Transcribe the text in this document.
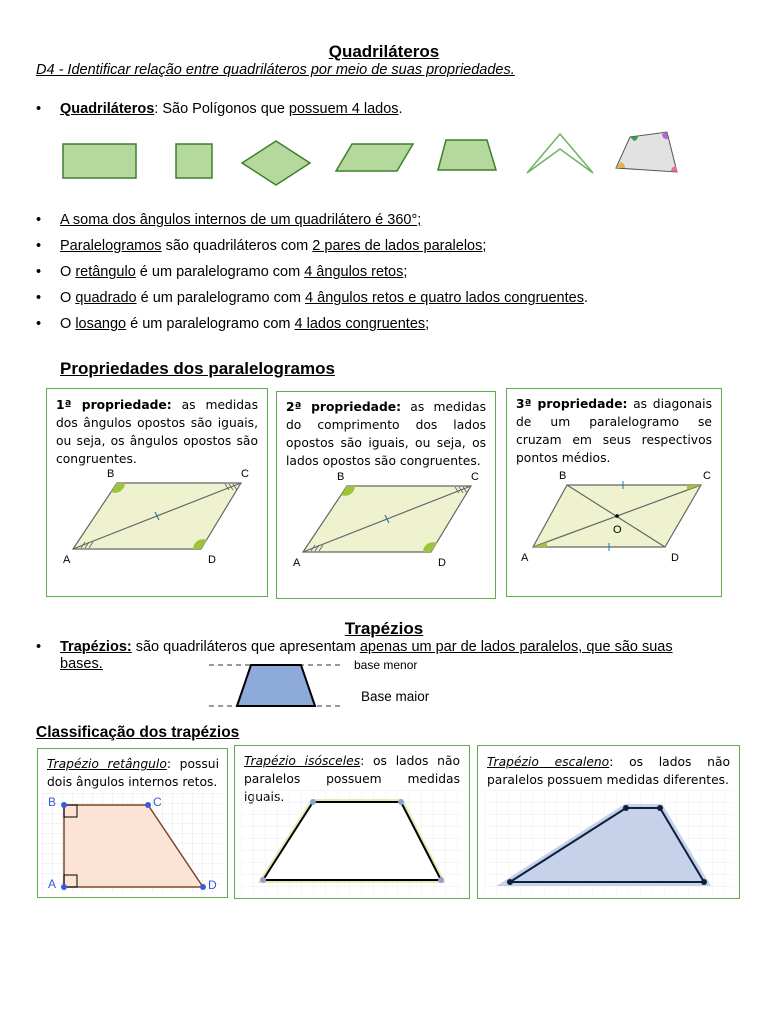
Quadriláteros
D4 - Identificar relação entre quadriláteros por meio de suas propriedades.
• Quadriláteros: São Polígonos que possuem 4 lados.
• A soma dos ângulos internos de um quadrilátero é 360°;
• Paralelogramos são quadriláteros com 2 pares de lados paralelos;
• O retângulo é um paralelogramo com 4 ângulos retos;
• O quadrado é um paralelogramo com 4 ângulos retos e quatro lados congruentes.
• O losango é um paralelogramo com 4 lados congruentes;
Propriedades dos paralelogramos
1ª propriedade: as medidas dos ângulos opostos são iguais, ou seja, os ângulos opostos são congruentes.
A
B	C
D
2ª propriedade: as medidas do comprimento dos lados opostos são iguais, ou seja, os lados opostos são congruentes.
A
B	C
D
3ª propriedade: as diagonais de um paralelogramo se cruzam em seus respectivos pontos médios.
A
B	C
D
O
Trapézios
• Trapézios: são quadriláteros que apresentam apenas um par de lados paralelos, que são suas
bases.	base menor
Base maior
Classificação dos trapézios
Trapézio retângulo: possui dois ângulos internos retos.
B	C
A	D
Trapézio isósceles: os lados não paralelos possuem medidas
Trapézio escaleno: os lados não paralelos possuem medidas diferentes.
